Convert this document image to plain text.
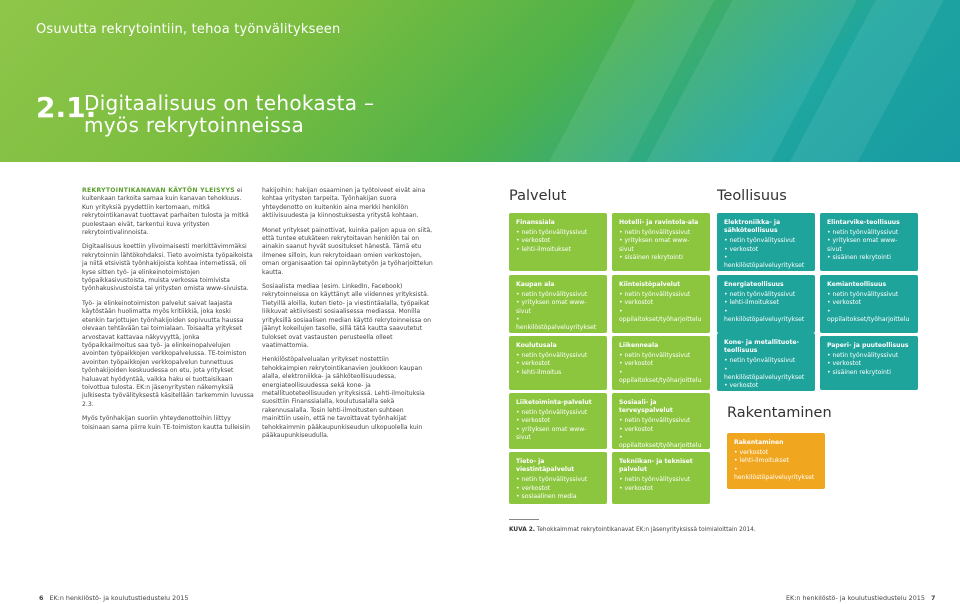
Osuvutta rekrytointiin, tehoa työnvälitykseen
2.1.
Digitaalisuus on tehokasta –
myös rekrytoinneissa

REKRYTOINTIKANAVAN KÄYTÖN YLEISYYS ei kuitenkaan tarkoita samaa kuin kanavan tehokkuus. Kun yrityksiä pyydettiin kertomaan, mitkä rekrytointikanavat tuottavat parhaiten tulosta ja mitkä puolestaan eivät, tarkentui kuva yritysten rekrytointivalinnoista.

Digitaalisuus koettiin ylivoimaisesti merkittävimmäksi rekrytoinnin lähtökohdaksi. Tieto avoimista työpaikoista ja niitä etsivistä työnhakijoista kohtaa internetissä, oli kyse sitten työ- ja elinkeinotoimistojen työpaikkasivustoista, muista verkossa toimivista työnhakusivustoista tai yritysten omista www-sivuista.

Työ- ja elinkeinotoimiston palvelut saivat laajasta käytöstään huolimatta myös kritiikkiä, joka koski etenkin tarjottujen työnhakijoiden sopivuutta haussa olevaan tehtävään tai toimialaan. Toisaalta yritykset arvostavat kattavaa näkyvyyttä, jonka työpaikkailmoitus saa työ- ja elinkeinopalvelujen avointen työpaikkojen verkkopalvelussa. TE-toimiston avointen työpaikkojen verkkopalvelun tunnettuus työnhakijoiden keskuudessa on etu, jota yritykset haluavat hyödyntää, vaikka haku ei tuottaisikaan toivottua tulosta. EK:n jäsenyritysten näkemyksiä julkisesta työvälityksestä käsitellään tarkemmin luvussa 2.3.

Myös työnhakijan suoriin yhteydenottoihin liittyy toisinaan sama piirre kuin TE-toimiston kautta tulleisiin

hakijoihin: hakijan osaaminen ja työtoiveet eivät aina kohtaa yritysten tarpeita. Työnhakijan suora yhteydenotto on kuitenkin aina merkki henkilön aktiivisuudesta ja kiinnostuksesta yritystä kohtaan.

Monet yritykset painottivat, kuinka paljon apua on siitä, että tuntee etukäteen rekrytoitavan henkilön tai on ainakin saanut hyvät suositukset hänestä. Tämä etu ilmenee silloin, kun rekrytoidaan omien verkostojen, oman organisaation tai opinnäytetyön ja työharjoittelun kautta.

Sosiaalista mediaa (esim. LinkedIn, Facebook) rekrytoinneissa on käyttänyt alle viidennes yrityksistä. Tietyillä aloilla, kuten tieto- ja viestintäalalla, työpaikat liikkuvat aktiivisesti sosiaalisessa mediassa. Monilla yrityksillä sosiaalisen median käyttö rekrytoinneissa on jäänyt kokeilujen tasolle, sillä tätä kautta saavutetut tulokset ovat vastausten perusteella olleet vaatimattomia.

Henkilöstöpalvelualan yritykset nostettiin tehokkaimpien rekrytointikanavien joukkoon kaupan alalla, elektroniikka- ja sähköteollisuudessa, energiateollisuudessa sekä kone- ja metallituoteteollisuuden yrityksissä. Lehti-ilmoituksia suosittiin Finanssialalla, koulutusalalla sekä rakennusalalla. Tosin lehti-ilmoitusten suhteen mainittiin usein, että ne tavoittavat työnhakijat tehokkaimmin pääkaupunkiseudun ulkopuolella kuin pääkaupunkiseudulla.

Palvelut	Teollisuus
Rakentaminen
Finanssiala
• netin työnvälityssivut
• verkostot
• lehti-ilmoitukset
Hotelli- ja ravintola-ala
• netin työnvälityssivut
• yrityksen omat www-sivut
• sisäinen rekrytointi
Elektroniikka- ja sähköteollisuus
• netin työnvälityssivut
• verkostot
• henkilöstöpalveluyritykset
Elintarvike-teollisuus
• netin työnvälityssivut
• yrityksen omat www-sivut
• sisäinen rekrytointi
Kaupan ala
• netin työnvälityssivut
• yrityksen omat www-sivut
• henkilöstöpalveluyritykset
Kiinteistöpalvelut
• netin työnvälityssivut
• verkostot
• oppilaitokset/työharjoittelu
Energiateollisuus
• netin työnvälityssivut
• lehti-ilmoitukset
• henkilöstöpalveluyritykset
Kemianteollisuus
• netin työnvälityssivut
• verkostot
• oppilaitokset/työharjoittelu
Koulutusala
• netin työnvälityssivut
• verkostot
• lehti-ilmoitus
Liikenneala
• netin työnvälityssivut
• verkostot
• oppilaitokset/työharjoittelu
Kone- ja metallituote-teollisuus
• netin työnvälityssivut
• henkilöstöpalveluyritykset
• verkostot
Paperi- ja puuteollisuus
• netin työnvälityssivut
• verkostot
• sisäinen rekrytointi
Liiketoiminta-palvelut
• netin työnvälityssivut
• verkostot
• yrityksen omat www-sivut
Sosiaali- ja terveyspalvelut
• netin työnvälityssivut
• verkostot
• oppilaitokset/työharjoittelu	Rakentaminen
• verkostot
• lehti-ilmoitukset
• henkilöstöpalveluyritykset
Tieto- ja viestintäpalvelut
• netin työnvälityssivut
• verkostot
• sosiaalinen media
Tekniikan- ja tekniset palvelut
• netin työnvälityssivut
• verkostot
KUVA 2. Tehokkaimmat rekrytointikanavat EK:n jäsenyrityksissä toimialoittain 2014.
6 EK:n henkilöstö- ja koulutustiedustelu 2015	EK:n henkilöstö- ja koulutustiedustelu 2015 7
